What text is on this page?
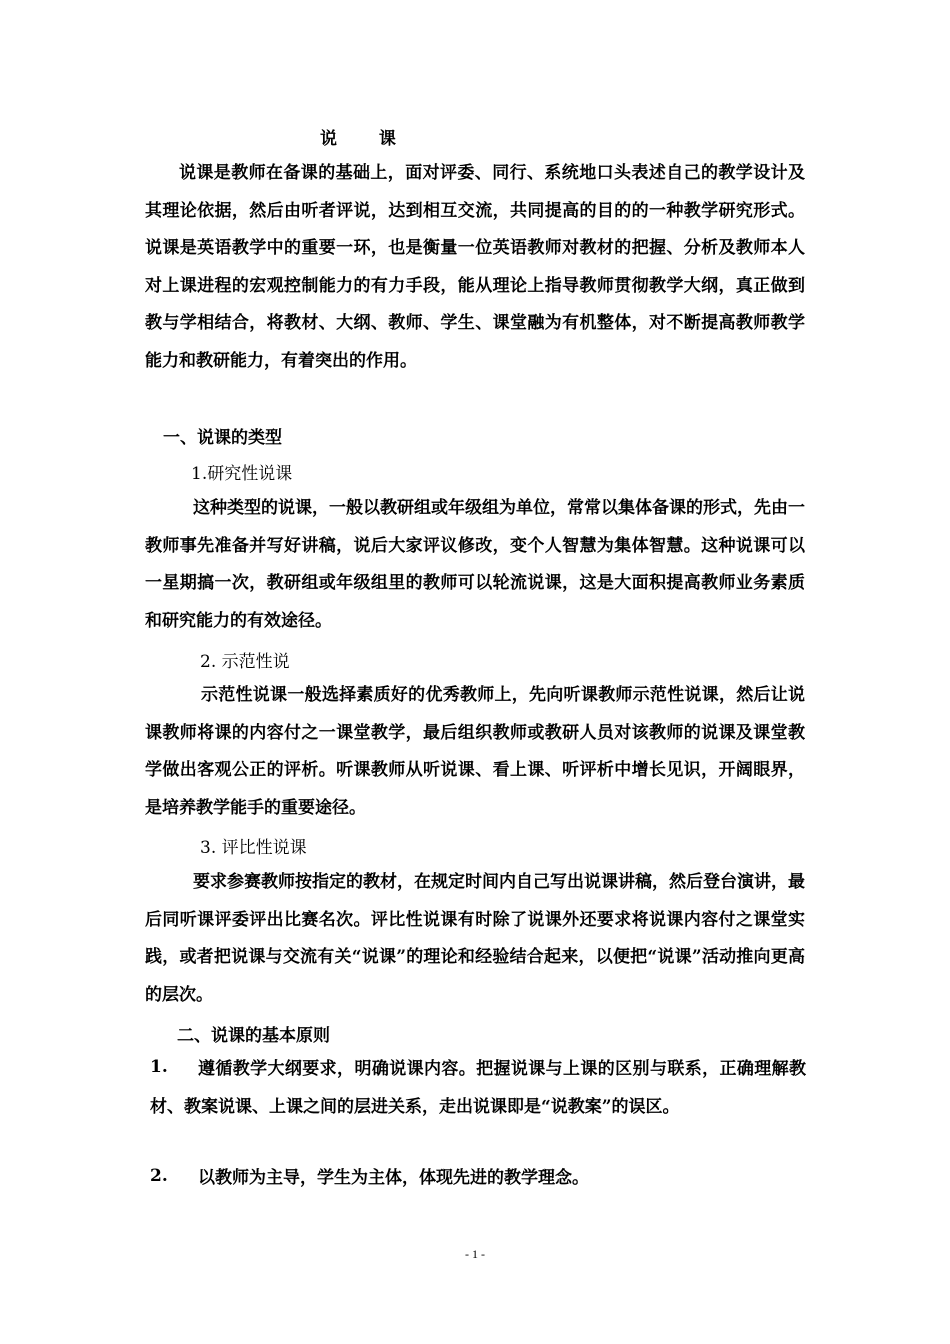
说 课

说课是教师在备课的基础上，面对评委、同行、系统地口头表述自己的教学设计及其理论依据，然后由听者评说，达到相互交流，共同提高的目的的一种教学研究形式。说课是英语教学中的重要一环，也是衡量一位英语教师对教材的把握、分析及教师本人对上课进程的宏观控制能力的有力手段，能从理论上指导教师贯彻教学大纲，真正做到教与学相结合，将教材、大纲、教师、学生、课堂融为有机整体，对不断提高教师教学能力和教研能力，有着突出的作用。

一、说课的类型

1.研究性说课

这种类型的说课，一般以教研组或年级组为单位，常常以集体备课的形式，先由一教师事先准备并写好讲稿，说后大家评议修改，变个人智慧为集体智慧。这种说课可以一星期搞一次，教研组或年级组里的教师可以轮流说课，这是大面积提高教师业务素质和研究能力的有效途径。

2. 示范性说

示范性说课一般选择素质好的优秀教师上，先向听课教师示范性说课，然后让说课教师将课的内容付之一课堂教学，最后组织教师或教研人员对该教师的说课及课堂教学做出客观公正的评析。听课教师从听说课、看上课、听评析中增长见识，开阔眼界，是培养教学能手的重要途径。

3. 评比性说课

要求参赛教师按指定的教材，在规定时间内自己写出说课讲稿，然后登台演讲，最后同听课评委评出比赛名次。评比性说课有时除了说课外还要求将说课内容付之课堂实践，或者把说课与交流有关“说课”的理论和经验结合起来，以便把“说课”活动推向更高的层次。

二、说课的基本原则

1.	遵循教学大纲要求，明确说课内容。把握说课与上课的区别与联系，正确理解教材、教案说课、上课之间的层进关系，走出说课即是“说教案”的误区。

2.	以教师为主导，学生为主体，体现先进的教学理念。

- 1 -
